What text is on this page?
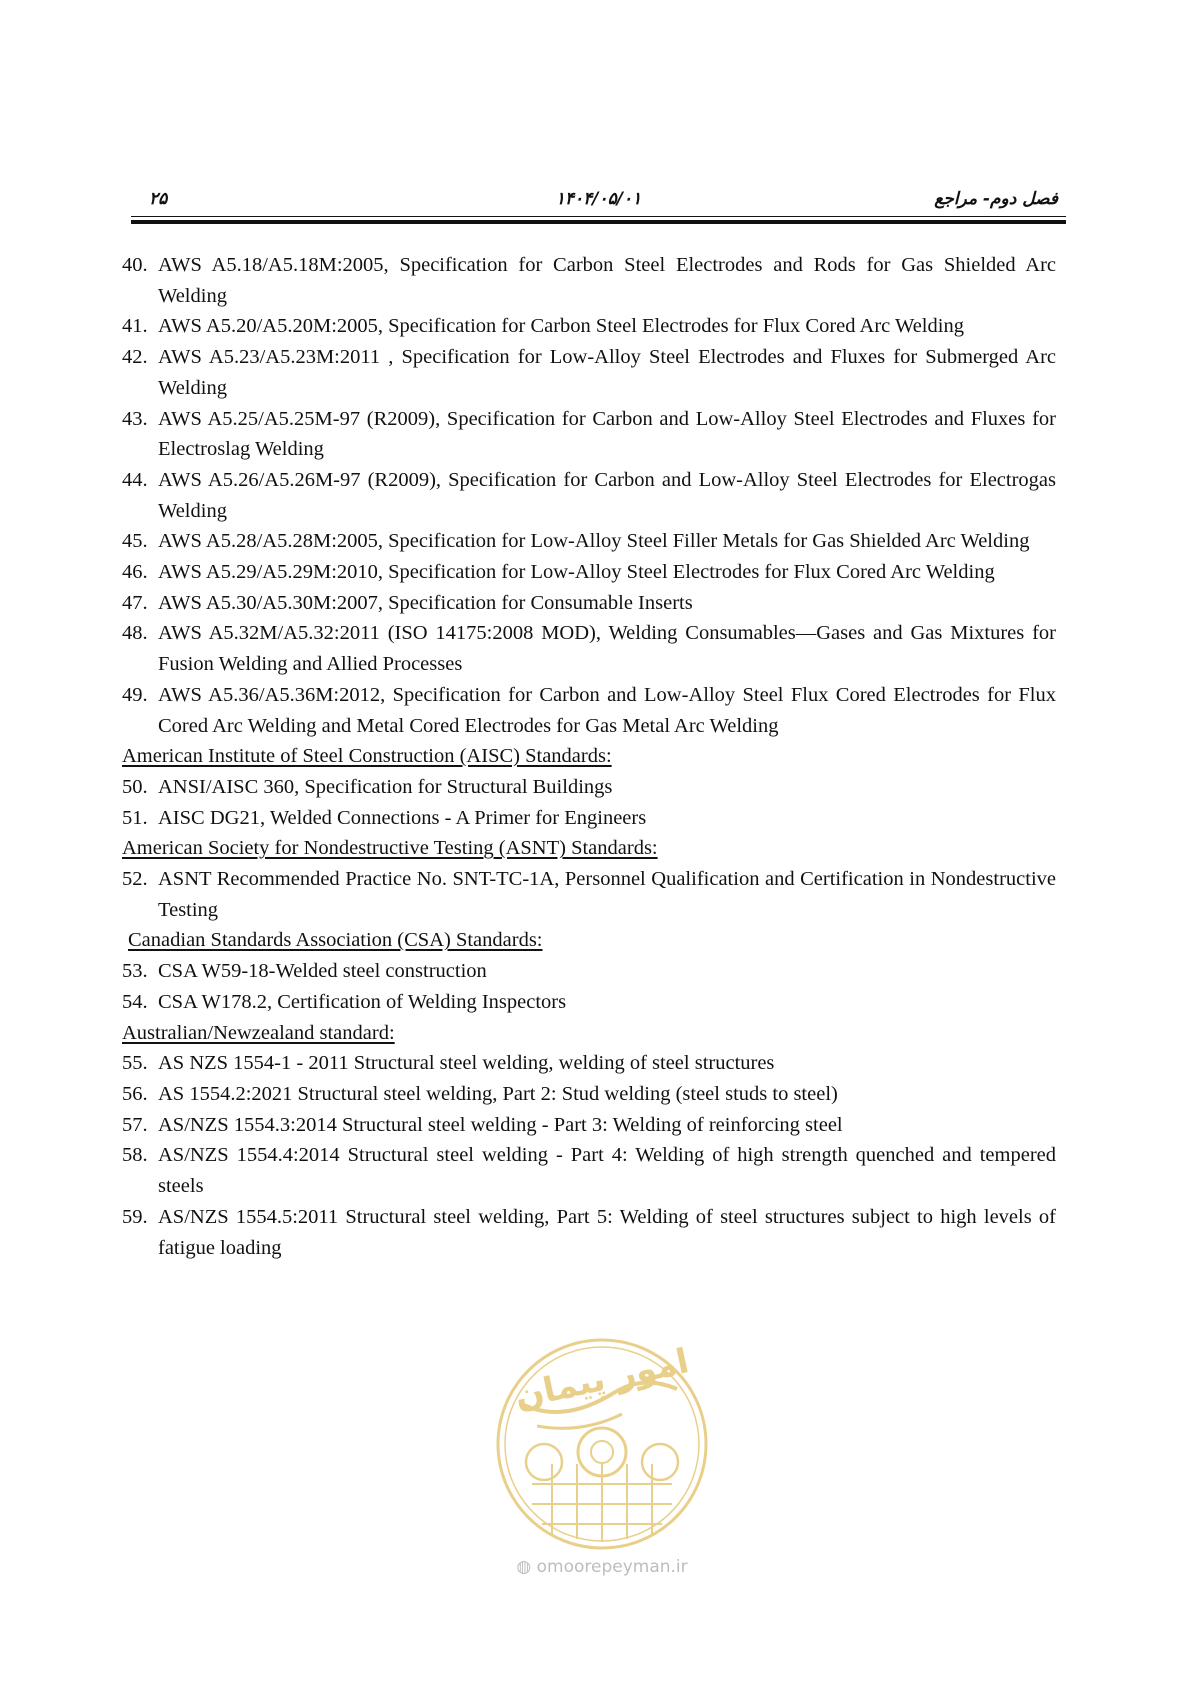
۲۵	۱۴۰۴/۰۵/۰۱	فصل دوم- مراجع
40. AWS A5.18/A5.18M:2005, Specification for Carbon Steel Electrodes and Rods for Gas Shielded Arc Welding
41. AWS A5.20/A5.20M:2005, Specification for Carbon Steel Electrodes for Flux Cored Arc Welding
42. AWS A5.23/A5.23M:2011 , Specification for Low-Alloy Steel Electrodes and Fluxes for Submerged Arc Welding
43. AWS A5.25/A5.25M-97 (R2009), Specification for Carbon and Low-Alloy Steel Electrodes and Fluxes for Electroslag Welding
44. AWS A5.26/A5.26M-97 (R2009), Specification for Carbon and Low-Alloy Steel Electrodes for Electrogas Welding
45. AWS A5.28/A5.28M:2005, Specification for Low-Alloy Steel Filler Metals for Gas Shielded Arc Welding
46. AWS A5.29/A5.29M:2010, Specification for Low-Alloy Steel Electrodes for Flux Cored Arc Welding
47. AWS A5.30/A5.30M:2007, Specification for Consumable Inserts
48. AWS A5.32M/A5.32:2011 (ISO 14175:2008 MOD), Welding Consumables—Gases and Gas Mixtures for Fusion Welding and Allied Processes
49. AWS A5.36/A5.36M:2012, Specification for Carbon and Low-Alloy Steel Flux Cored Electrodes for Flux Cored Arc Welding and Metal Cored Electrodes for Gas Metal Arc Welding
American Institute of Steel Construction (AISC) Standards:
50. ANSI/AISC 360, Specification for Structural Buildings
51. AISC DG21, Welded Connections - A Primer for Engineers
American Society for Nondestructive Testing (ASNT) Standards:
52. ASNT Recommended Practice No. SNT-TC-1A, Personnel Qualification and Certification in Nondestructive Testing
Canadian Standards Association (CSA) Standards:
53. CSA W59-18-Welded steel construction
54. CSA W178.2, Certification of Welding Inspectors
Australian/Newzealand standard:
55. AS NZS 1554-1 - 2011 Structural steel welding, welding of steel structures
56. AS 1554.2:2021 Structural steel welding, Part 2: Stud welding (steel studs to steel)
57. AS/NZS 1554.3:2014 Structural steel welding - Part 3: Welding of reinforcing steel
58. AS/NZS 1554.4:2014 Structural steel welding - Part 4: Welding of high strength quenched and tempered steels
59. AS/NZS 1554.5:2011 Structural steel welding, Part 5: Welding of steel structures subject to high levels of fatigue loading
امور پیمان
◍ omoorepeyman.ir
